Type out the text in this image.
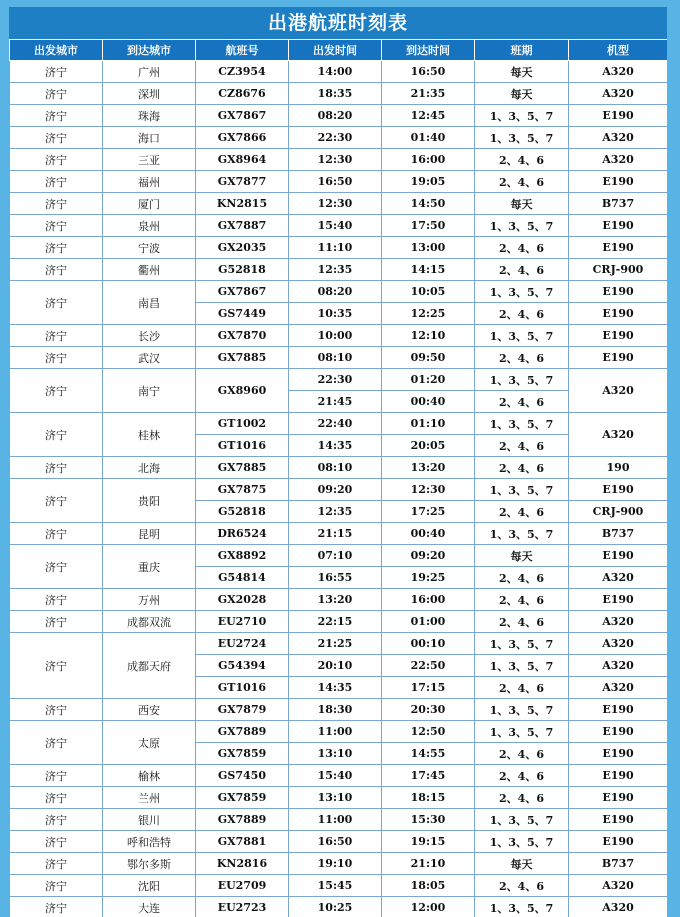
出港航班时刻表
出发城市	到达城市	航班号	出发时间	到达时间	班期	机型
济宁	广州	CZ3954	14:00	16:50	每天	A320
济宁	深圳	CZ8676	18:35	21:35	每天	A320
济宁	珠海	GX7867	08:20	12:45	1、3、5、7	E190
济宁	海口	GX7866	22:30	01:40	1、3、5、7	A320
济宁	三亚	GX8964	12:30	16:00	2、4、6	A320
济宁	福州	GX7877	16:50	19:05	2、4、6	E190
济宁	厦门	KN2815	12:30	14:50	每天	B737
济宁	泉州	GX7887	15:40	17:50	1、3、5、7	E190
济宁	宁波	GX2035	11:10	13:00	2、4、6	E190
济宁	衢州	G52818	12:35	14:15	2、4、6	CRJ-900
济宁	南昌	GX7867	08:20	10:05	1、3、5、7	E190
		GS7449	10:35	12:25	2、4、6	E190
济宁	长沙	GX7870	10:00	12:10	1、3、5、7	E190
济宁	武汉	GX7885	08:10	09:50	2、4、6	E190
济宁	南宁	GX8960	22:30	01:20	1、3、5、7	A320
			21:45	00:40	2、4、6	
济宁	桂林	GT1002	22:40	01:10	1、3、5、7	A320
		GT1016	14:35	20:05	2、4、6	
济宁	北海	GX7885	08:10	13:20	2、4、6	190
济宁	贵阳	GX7875	09:20	12:30	1、3、5、7	E190
		G52818	12:35	17:25	2、4、6	CRJ-900
济宁	昆明	DR6524	21:15	00:40	1、3、5、7	B737
济宁	重庆	GX8892	07:10	09:20	每天	E190
		G54814	16:55	19:25	2、4、6	A320
济宁	万州	GX2028	13:20	16:00	2、4、6	E190
济宁	成都双流	EU2710	22:15	01:00	2、4、6	A320
济宁	成都天府	EU2724	21:25	00:10	1、3、5、7	A320
		G54394	20:10	22:50	1、3、5、7	A320
		GT1016	14:35	17:15	2、4、6	A320
济宁	西安	GX7879	18:30	20:30	1、3、5、7	E190
济宁	太原	GX7889	11:00	12:50	1、3、5、7	E190
		GX7859	13:10	14:55	2、4、6	E190
济宁	榆林	GS7450	15:40	17:45	2、4、6	E190
济宁	兰州	GX7859	13:10	18:15	2、4、6	E190
济宁	银川	GX7889	11:00	15:30	1、3、5、7	E190
济宁	呼和浩特	GX7881	16:50	19:15	1、3、5、7	E190
济宁	鄂尔多斯	KN2816	19:10	21:10	每天	B737
济宁	沈阳	EU2709	15:45	18:05	2、4、6	A320
济宁	大连	EU2723	10:25	12:00	1、3、5、7	A320
